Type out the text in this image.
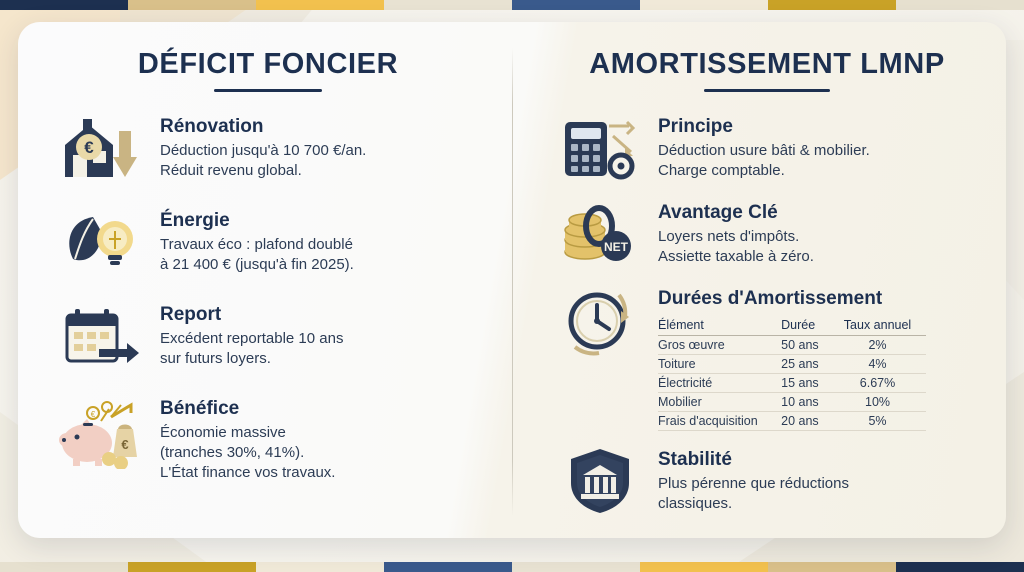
DÉFICIT FONCIER
€
Rénovation
Déduction jusqu'à 10 700 €/an.
Réduit revenu global.
Énergie
Travaux éco : plafond doublé
à 21 400 € (jusqu'à fin 2025).
Report
Excédent reportable 10 ans
sur futurs loyers.
€
€
Bénéfice
Économie massive
(tranches 30%, 41%).
L'État finance vos travaux.
AMORTISSEMENT LMNP
Principe
Déduction usure bâti & mobilier.
Charge comptable.
NET
Avantage Clé
Loyers nets d'impôts.
Assiette taxable à zéro.
Durées d'Amortissement
Élément	Durée	Taux annuel
Gros œuvre	50 ans	2%
Toiture	25 ans	4%
Électricité	15 ans	6.67%
Mobilier	10 ans	10%
Frais d'acquisition	20 ans	5%
Stabilité
Plus pérenne que réductions
classiques.
